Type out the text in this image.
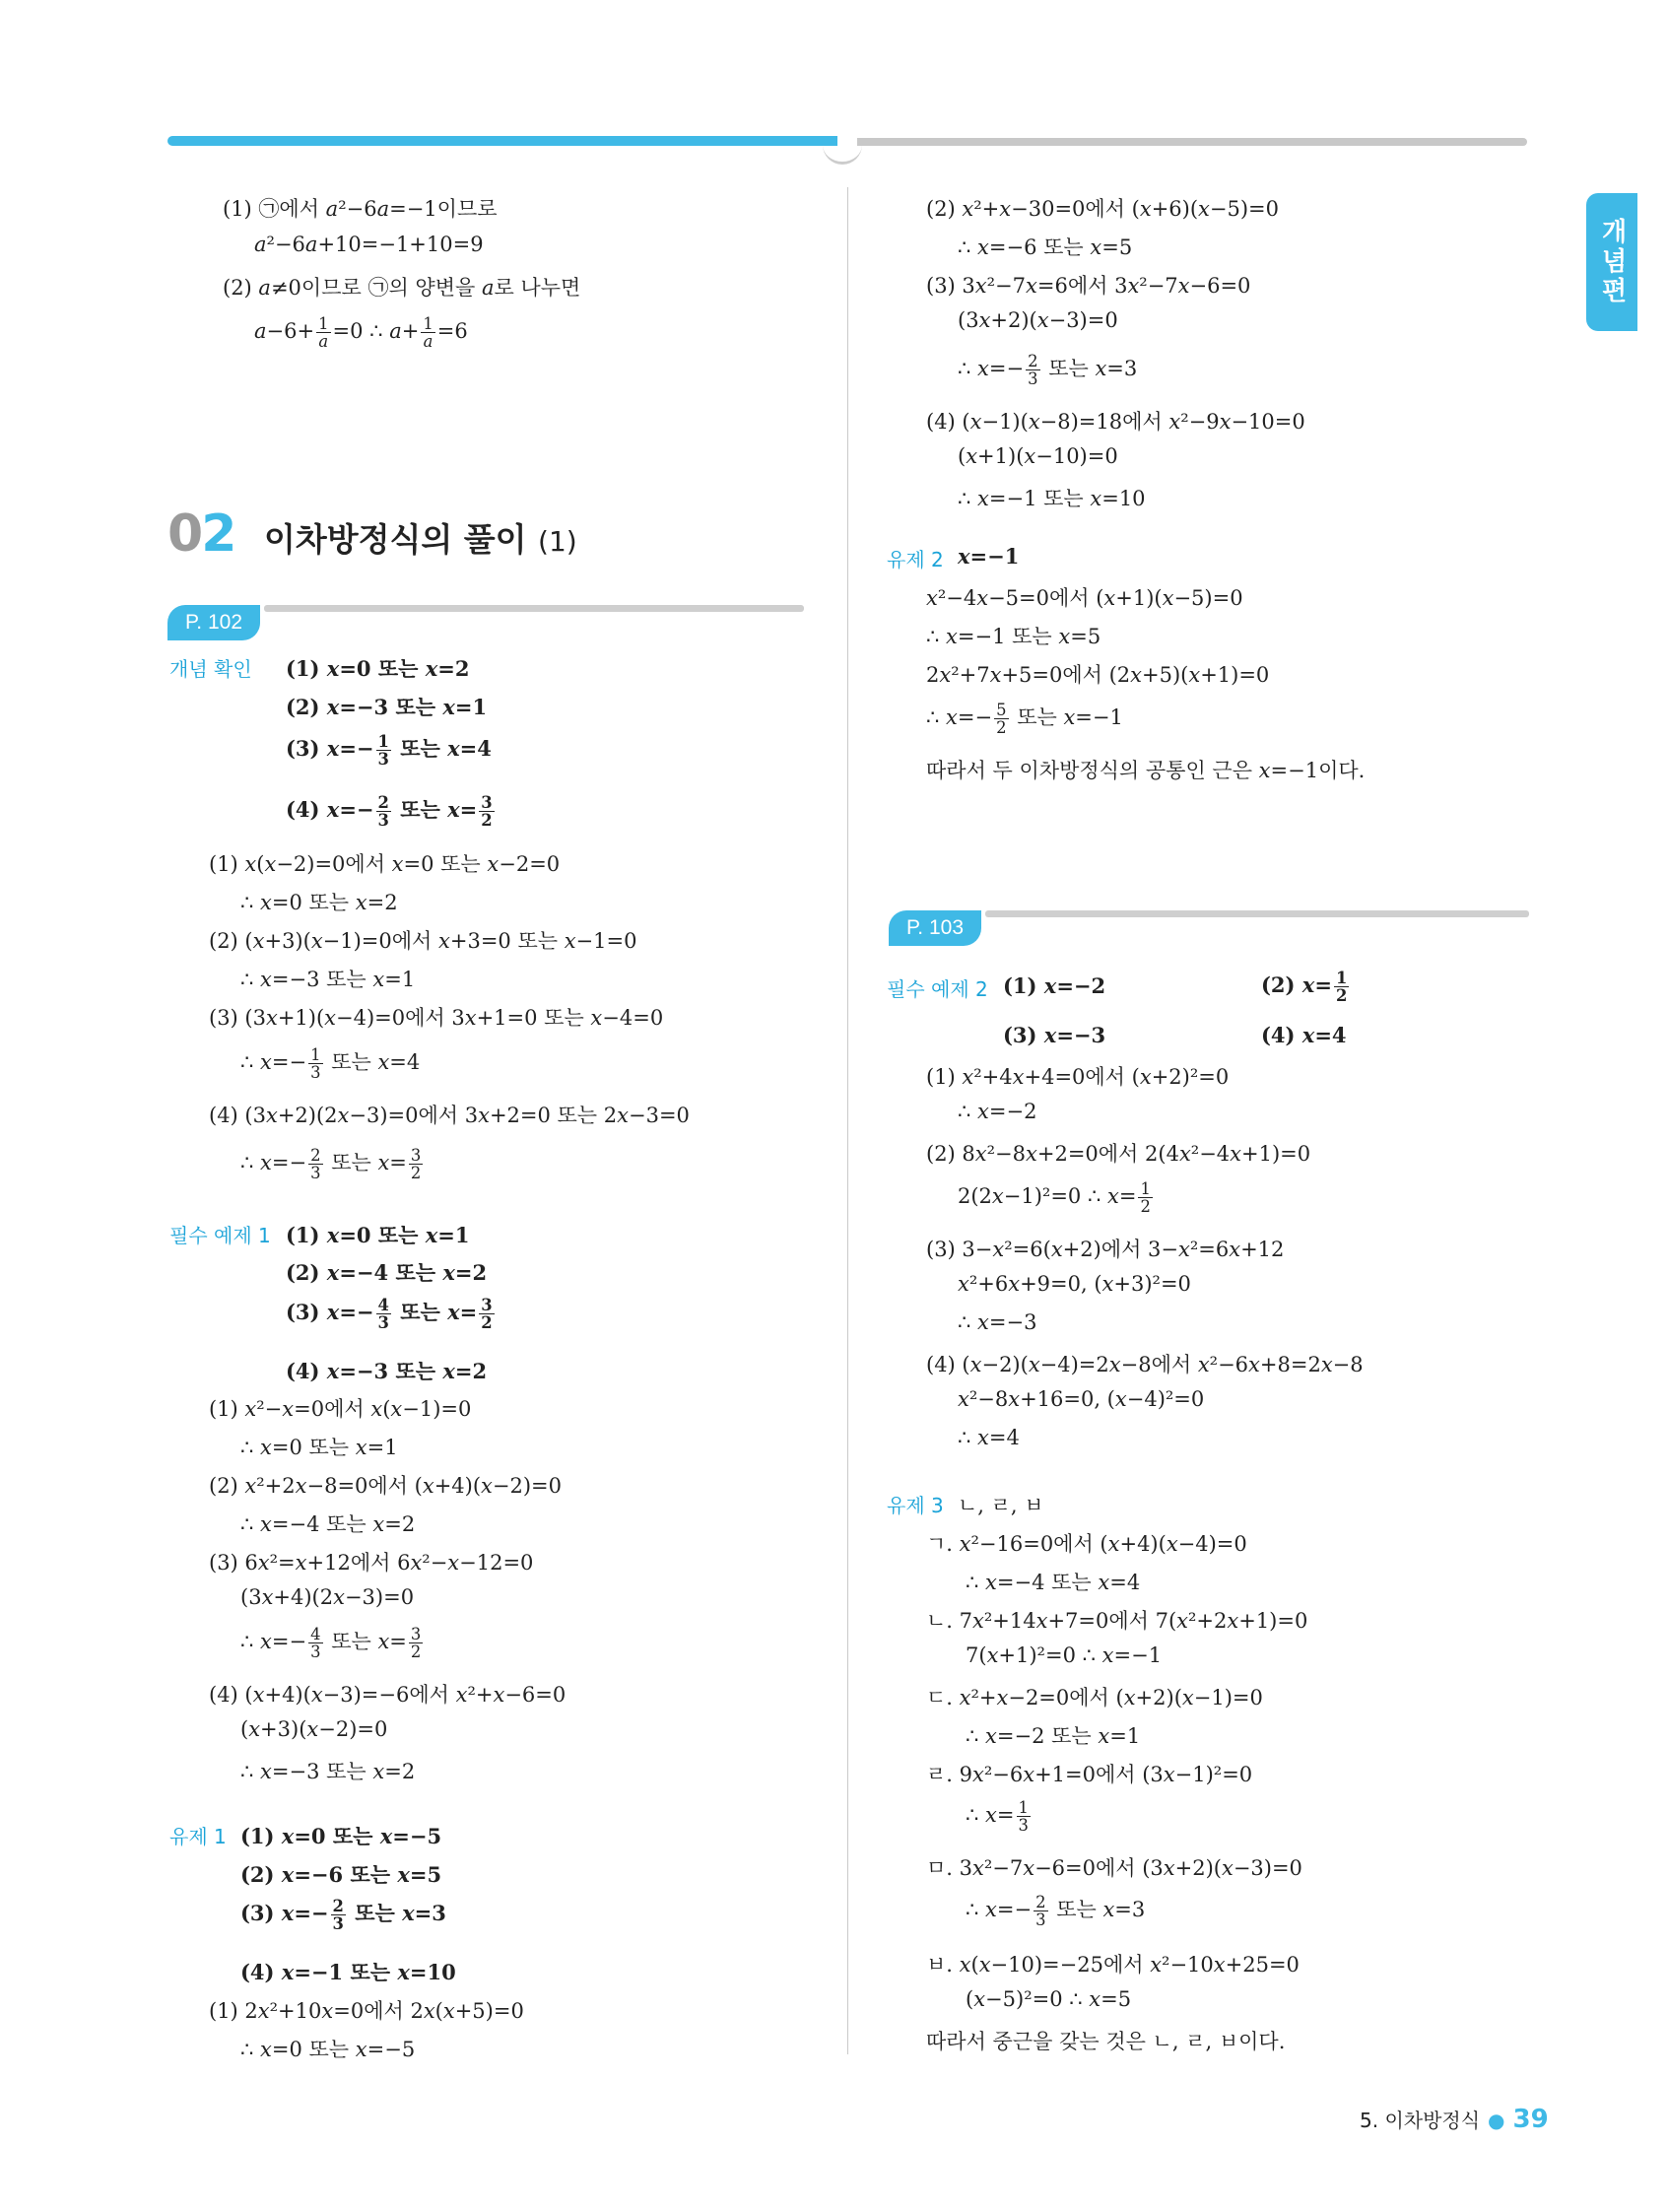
개념편
02 이차방정식의 풀이 (1)
P. 102
개념 확인
필수 예제 1
유제 1
유제 2
P. 103
필수 예제 2
유제 3
5. 이차방정식 ● 39
(1) ㉠에서 a²−6a=−1이므로
a²−6a+10=−1+10=9
(2) a≠0이므로 ㉠의 양변을 a로 나누면
$a-6+ \frac{1}{a} =0$ ∴ $a+ \frac{1}{a} =6$
(1) x=0 또는 x=2
(2) x=−3 또는 x=1
(3) $x=- \frac{1}{3}$ 또는 x=4
(4) $x=- \frac{2}{3}$ 또는 $x= \frac{3}{2}$
(1) x(x−2)=0에서 x=0 또는 x−2=0
∴ x=0 또는 x=2
(2) (x+3)(x−1)=0에서 x+3=0 또는 x−1=0
∴ x=−3 또는 x=1
(3) (3x+1)(x−4)=0에서 3x+1=0 또는 x−4=0
∴ $x=- \frac{1}{3}$ 또는 x=4
(4) (3x+2)(2x−3)=0에서 3x+2=0 또는 2x−3=0
∴ $x=- \frac{2}{3}$ 또는 $x= \frac{3}{2}$
(1) x=0 또는 x=1
(2) x=−4 또는 x=2
(3) $x=- \frac{4}{3}$ 또는 $x= \frac{3}{2}$
(4) x=−3 또는 x=2
(1) x²−x=0에서 x(x−1)=0
∴ x=0 또는 x=1
(2) x²+2x−8=0에서 (x+4)(x−2)=0
∴ x=−4 또는 x=2
(3) 6x²=x+12에서 6x²−x−12=0
(3x+4)(2x−3)=0
∴ $x=- \frac{4}{3}$ 또는 $x= \frac{3}{2}$
(4) (x+4)(x−3)=−6에서 x²+x−6=0
(x+3)(x−2)=0
∴ x=−3 또는 x=2
(1) x=0 또는 x=−5
(2) x=−6 또는 x=5
(3) $x=- \frac{2}{3}$ 또는 x=3
(4) x=−1 또는 x=10
(1) 2x²+10x=0에서 2x(x+5)=0
∴ x=0 또는 x=−5
(2) x²+x−30=0에서 (x+6)(x−5)=0
∴ x=−6 또는 x=5
(3) 3x²−7x=6에서 3x²−7x−6=0
(3x+2)(x−3)=0
∴ $x=- \frac{2}{3}$ 또는 x=3
(4) (x−1)(x−8)=18에서 x²−9x−10=0
(x+1)(x−10)=0
∴ x=−1 또는 x=10
x=−1
x²−4x−5=0에서 (x+1)(x−5)=0
∴ x=−1 또는 x=5
2x²+7x+5=0에서 (2x+5)(x+1)=0
∴ $x=- \frac{5}{2}$ 또는 x=−1
따라서 두 이차방정식의 공통인 근은 x=−1이다.
(1) x=−2	(2) $x= \frac{1}{2}$
(3) x=−3	(4) x=4
(1) x²+4x+4=0에서 (x+2)²=0
∴ x=−2
(2) 8x²−8x+2=0에서 2(4x²−4x+1)=0
2(2x−1)²=0 ∴ $x= \frac{1}{2}$
(3) 3−x²=6(x+2)에서 3−x²=6x+12
x²+6x+9=0, (x+3)²=0
∴ x=−3
(4) (x−2)(x−4)=2x−8에서 x²−6x+8=2x−8
x²−8x+16=0, (x−4)²=0
∴ x=4
ㄴ, ㄹ, ㅂ
ㄱ. x²−16=0에서 (x+4)(x−4)=0
∴ x=−4 또는 x=4
ㄴ. 7x²+14x+7=0에서 7(x²+2x+1)=0
7(x+1)²=0 ∴ x=−1
ㄷ. x²+x−2=0에서 (x+2)(x−1)=0
∴ x=−2 또는 x=1
ㄹ. 9x²−6x+1=0에서 (3x−1)²=0
∴ $x= \frac{1}{3}$
ㅁ. 3x²−7x−6=0에서 (3x+2)(x−3)=0
∴ $x=- \frac{2}{3}$ 또는 x=3
ㅂ. x(x−10)=−25에서 x²−10x+25=0
(x−5)²=0 ∴ x=5
따라서 중근을 갖는 것은 ㄴ, ㄹ, ㅂ이다.
